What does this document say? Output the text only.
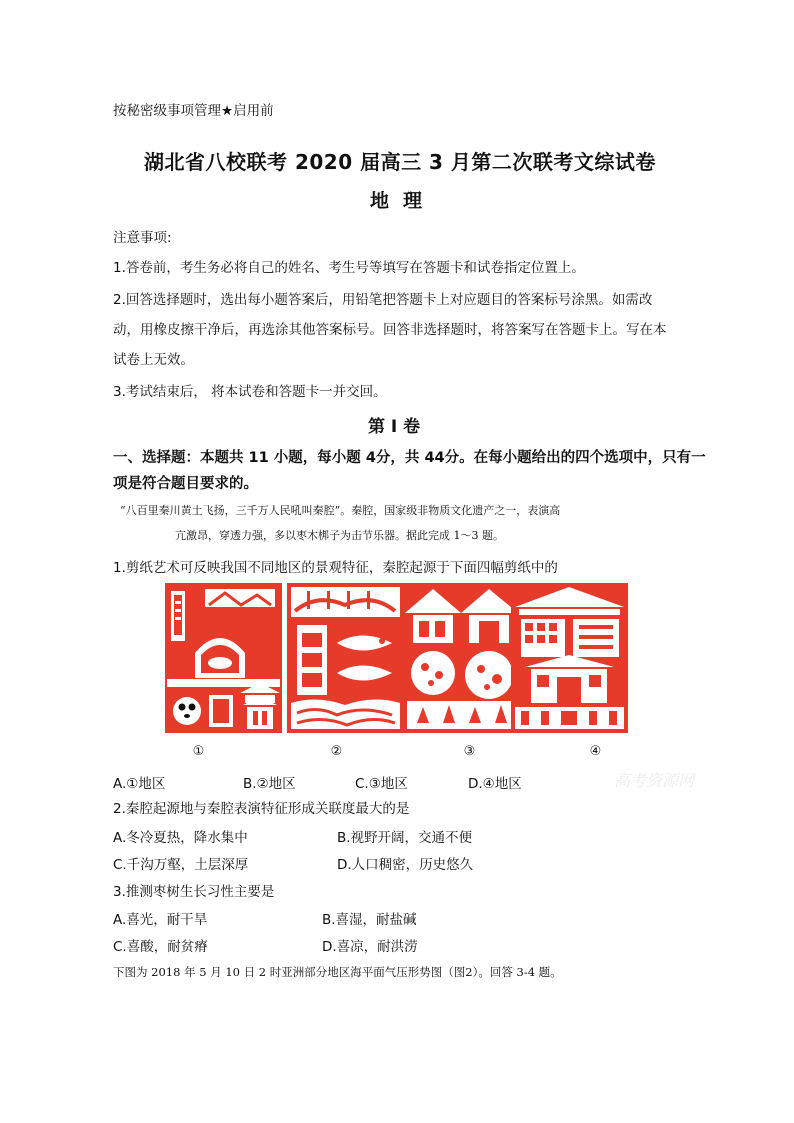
按秘密级事项管理★启用前
湖北省八校联考 2020 届高三 3 月第二次联考文综试卷
地理
注意事项:
1.答卷前，考生务必将自己的姓名、考生号等填写在答题卡和试卷指定位置上。
2.回答选择题时，选出每小题答案后，用铅笔把答题卡上对应题目的答案标号涂黑。如需改
动，用橡皮擦干净后，再选涂其他答案标号。回答非选择题时，将答案写在答题卡上。写在本
试卷上无效。
3.考试结束后， 将本试卷和答题卡一并交回。
第 I 卷
一、选择题：本题共 11 小题，每小题 4分，共 44分。在每小题给出的四个选项中，只有一
项是符合题目要求的。
“八百里秦川黄土飞扬，三千万人民吼叫秦腔”。秦腔，国家级非物质文化遗产之一，表演高
亢激昂，穿透力强，多以枣木梆子为击节乐器。据此完成 1～3 题。
1.剪纸艺术可反映我国不同地区的景观特征，秦腔起源于下面四幅剪纸中的
①	②	③	④
A.①地区	B.②地区	C.③地区	D.④地区	高考资源网
2.秦腔起源地与秦腔表演特征形成关联度最大的是
A.冬冷夏热，降水集中	B.视野开阔，交通不便
C.千沟万壑，土层深厚	D.人口稠密，历史悠久
3.推测枣树生长习性主要是
A.喜光，耐干旱	B.喜湿，耐盐碱
C.喜酸，耐贫瘠	D.喜凉，耐洪涝
下图为 2018 年 5 月 10 日 2 时亚洲部分地区海平面气压形势图（图2）。回答 3-4 题。
